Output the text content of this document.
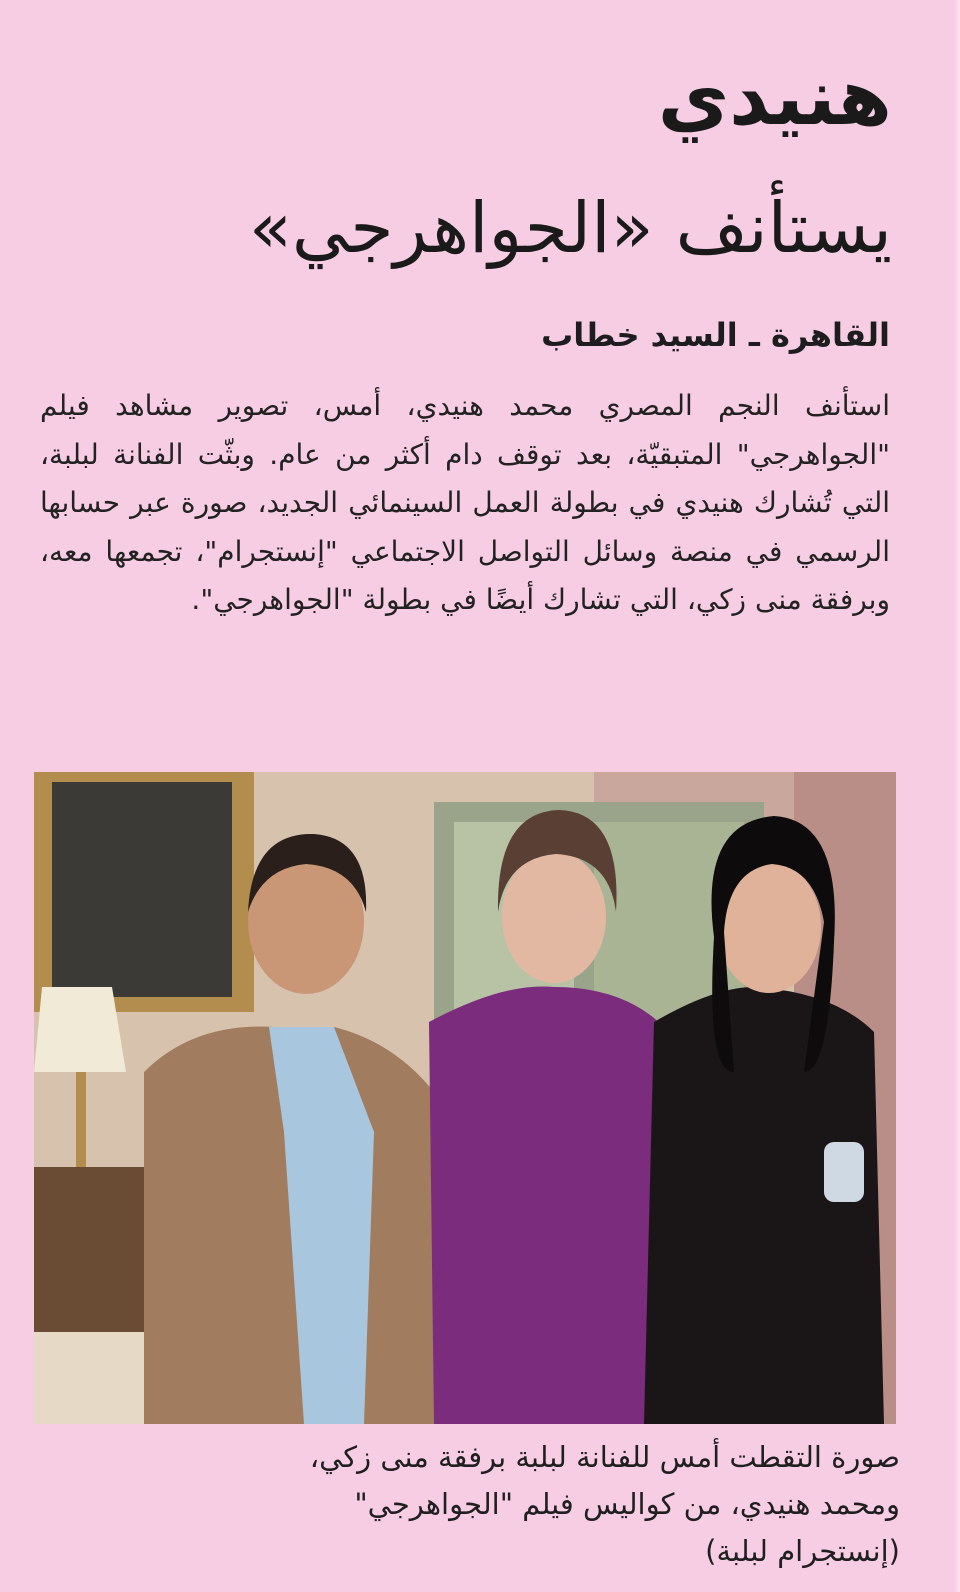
هنيدي
يستأنف «الجواهرجي»
القاهرة ـ السيد خطاب

استأنف النجم المصري محمد هنيدي، أمس، تصوير مشاهد فيلم "الجواهرجي" المتبقيّة، بعد توقف دام أكثر من عام. وبثّت الفنانة لبلبة، التي تُشارك هنيدي في بطولة العمل السينمائي الجديد، صورة عبر حسابها الرسمي في منصة وسائل التواصل الاجتماعي "إنستجرام"، تجمعها معه، وبرفقة منى زكي، التي تشارك أيضًا في بطولة "الجواهرجي".

صورة التقطت أمس للفنانة لبلبة برفقة منى زكي،
ومحمد هنيدي، من كواليس فيلم "الجواهرجي"
(إنستجرام لبلبة)
